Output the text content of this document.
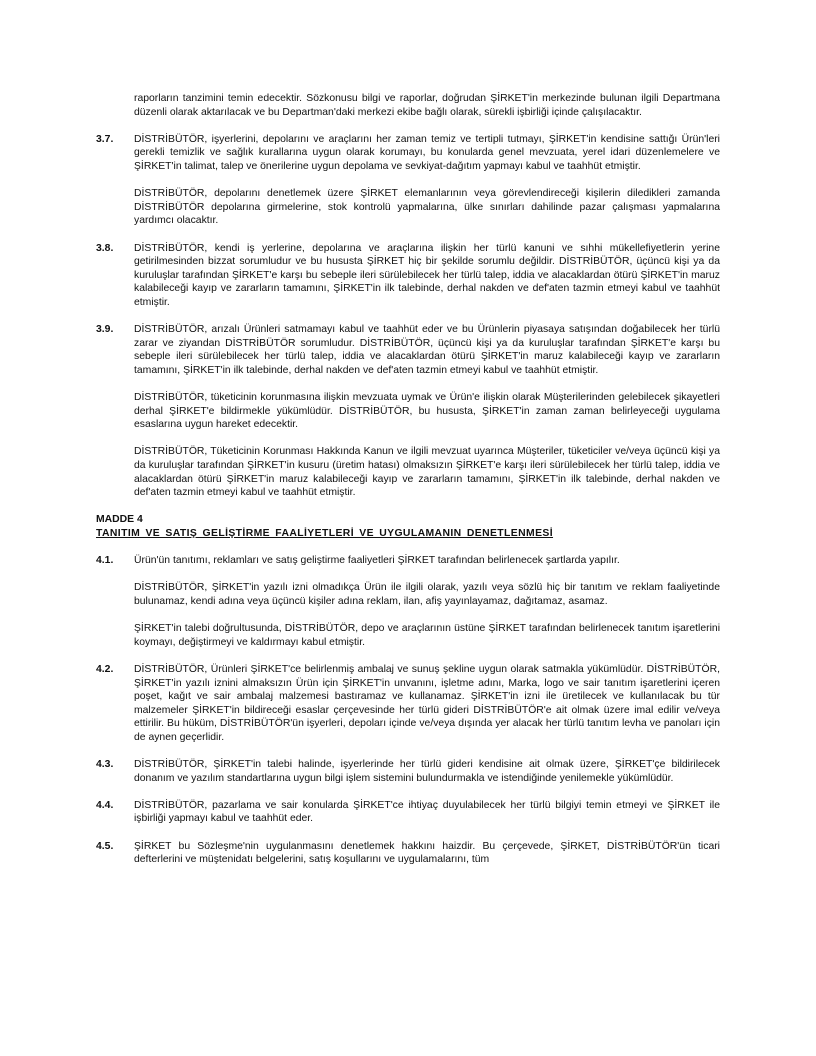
raporların tanzimini temin edecektir. Sözkonusu bilgi ve raporlar, doğrudan ŞİRKET'in merkezinde bulunan ilgili Departmana düzenli olarak aktarılacak ve bu Departman'daki merkezi ekibe bağlı olarak, sürekli işbirliği içinde çalışılacaktır.

3.7.	DİSTRİBÜTÖR, işyerlerini, depolarını ve araçlarını her zaman temiz ve tertipli tutmayı, ŞİRKET'in kendisine sattığı Ürün'leri gerekli temizlik ve sağlık kurallarına uygun olarak korumayı, bu konularda genel mevzuata, yerel idari düzenlemelere ve ŞİRKET'in talimat, talep ve önerilerine uygun depolama ve sevkiyat-dağıtım yapmayı kabul ve taahhüt etmiştir.

DİSTRİBÜTÖR, depolarını denetlemek üzere ŞİRKET elemanlarının veya görevlendireceği kişilerin diledikleri zamanda DİSTRİBÜTÖR depolarına girmelerine, stok kontrolü yapmalarına, ülke sınırları dahilinde pazar çalışması yapmalarına yardımcı olacaktır.

3.8.	DİSTRİBÜTÖR, kendi iş yerlerine, depolarına ve araçlarına ilişkin her türlü kanuni ve sıhhi mükellefiyetlerin yerine getirilmesinden bizzat sorumludur ve bu hususta ŞİRKET hiç bir şekilde sorumlu değildir. DİSTRİBÜTÖR, üçüncü kişi ya da kuruluşlar tarafından ŞİRKET'e karşı bu sebeple ileri sürülebilecek her türlü talep, iddia ve alacaklardan ötürü ŞİRKET'in maruz kalabileceği kayıp ve zararların tamamını, ŞİRKET'in ilk talebinde, derhal nakden ve def'aten tazmin etmeyi kabul ve taahhüt etmiştir.

3.9.	DİSTRİBÜTÖR, arızalı Ürünleri satmamayı kabul ve taahhüt eder ve bu Ürünlerin piyasaya satışından doğabilecek her türlü zarar ve ziyandan DİSTRİBÜTÖR sorumludur. DİSTRİBÜTÖR, üçüncü kişi ya da kuruluşlar tarafından ŞİRKET'e karşı bu sebeple ileri sürülebilecek her türlü talep, iddia ve alacaklardan ötürü ŞİRKET'in maruz kalabileceği kayıp ve zararların tamamını, ŞİRKET'in ilk talebinde, derhal nakden ve def'aten tazmin etmeyi kabul ve taahhüt etmiştir.

DİSTRİBÜTÖR, tüketicinin korunmasına ilişkin mevzuata uymak ve Ürün'e ilişkin olarak Müşterilerinden gelebilecek şikayetleri derhal ŞİRKET'e bildirmekle yükümlüdür. DİSTRİBÜTÖR, bu hususta, ŞİRKET'in zaman zaman belirleyeceği uygulama esaslarına uygun hareket edecektir.

DİSTRİBÜTÖR, Tüketicinin Korunması Hakkında Kanun ve ilgili mevzuat uyarınca Müşteriler, tüketiciler ve/veya üçüncü kişi ya da kuruluşlar tarafından ŞİRKET'in kusuru (üretim hatası) olmaksızın ŞİRKET'e karşı ileri sürülebilecek her türlü talep, iddia ve alacaklardan ötürü ŞİRKET'in maruz kalabileceği kayıp ve zararların tamamını, ŞİRKET'in ilk talebinde, derhal nakden ve def'aten tazmin etmeyi kabul ve taahhüt etmiştir.

MADDE 4
TANITIM VE SATIŞ GELİŞTİRME FAALİYETLERİ VE UYGULAMANIN DENETLENMESİ
4.1.	Ürün'ün tanıtımı, reklamları ve satış geliştirme faaliyetleri ŞİRKET tarafından belirlenecek şartlarda yapılır.

DİSTRİBÜTÖR, ŞİRKET'in yazılı izni olmadıkça Ürün ile ilgili olarak, yazılı veya sözlü hiç bir tanıtım ve reklam faaliyetinde bulunamaz, kendi adına veya üçüncü kişiler adına reklam, ilan, afiş yayınlayamaz, dağıtamaz, asamaz.

ŞİRKET'in talebi doğrultusunda, DİSTRİBÜTÖR, depo ve araçlarının üstüne ŞİRKET tarafından belirlenecek tanıtım işaretlerini koymayı, değiştirmeyi ve kaldırmayı kabul etmiştir.

4.2.	DİSTRİBÜTÖR, Ürünleri ŞİRKET'ce belirlenmiş ambalaj ve sunuş şekline uygun olarak satmakla yükümlüdür. DİSTRİBÜTÖR, ŞİRKET'in yazılı iznini almaksızın Ürün için ŞİRKET'in unvanını, işletme adını, Marka, logo ve sair tanıtım işaretlerini içeren poşet, kağıt ve sair ambalaj malzemesi bastıramaz ve kullanamaz. ŞİRKET'in izni ile üretilecek ve kullanılacak bu tür malzemeler ŞİRKET'in bildireceği esaslar çerçevesinde her türlü gideri DİSTRİBÜTÖR'e ait olmak üzere imal edilir ve/veya ettirilir. Bu hüküm, DİSTRİBÜTÖR'ün işyerleri, depoları içinde ve/veya dışında yer alacak her türlü tanıtım levha ve panoları için de aynen geçerlidir.

4.3.	DİSTRİBÜTÖR, ŞİRKET'in talebi halinde, işyerlerinde her türlü gideri kendisine ait olmak üzere, ŞİRKET'çe bildirilecek donanım ve yazılım standartlarına uygun bilgi işlem sistemini bulundurmakla ve istendiğinde yenilemekle yükümlüdür.

4.4.	DİSTRİBÜTÖR, pazarlama ve sair konularda ŞİRKET'ce ihtiyaç duyulabilecek her türlü bilgiyi temin etmeyi ve ŞİRKET ile işbirliği yapmayı kabul ve taahhüt eder.

4.5.	ŞİRKET bu Sözleşme'nin uygulanmasını denetlemek hakkını haizdir. Bu çerçevede, ŞİRKET, DİSTRİBÜTÖR'ün ticari defterlerini ve müştenidatı belgelerini, satış koşullarını ve uygulamalarını, tüm
